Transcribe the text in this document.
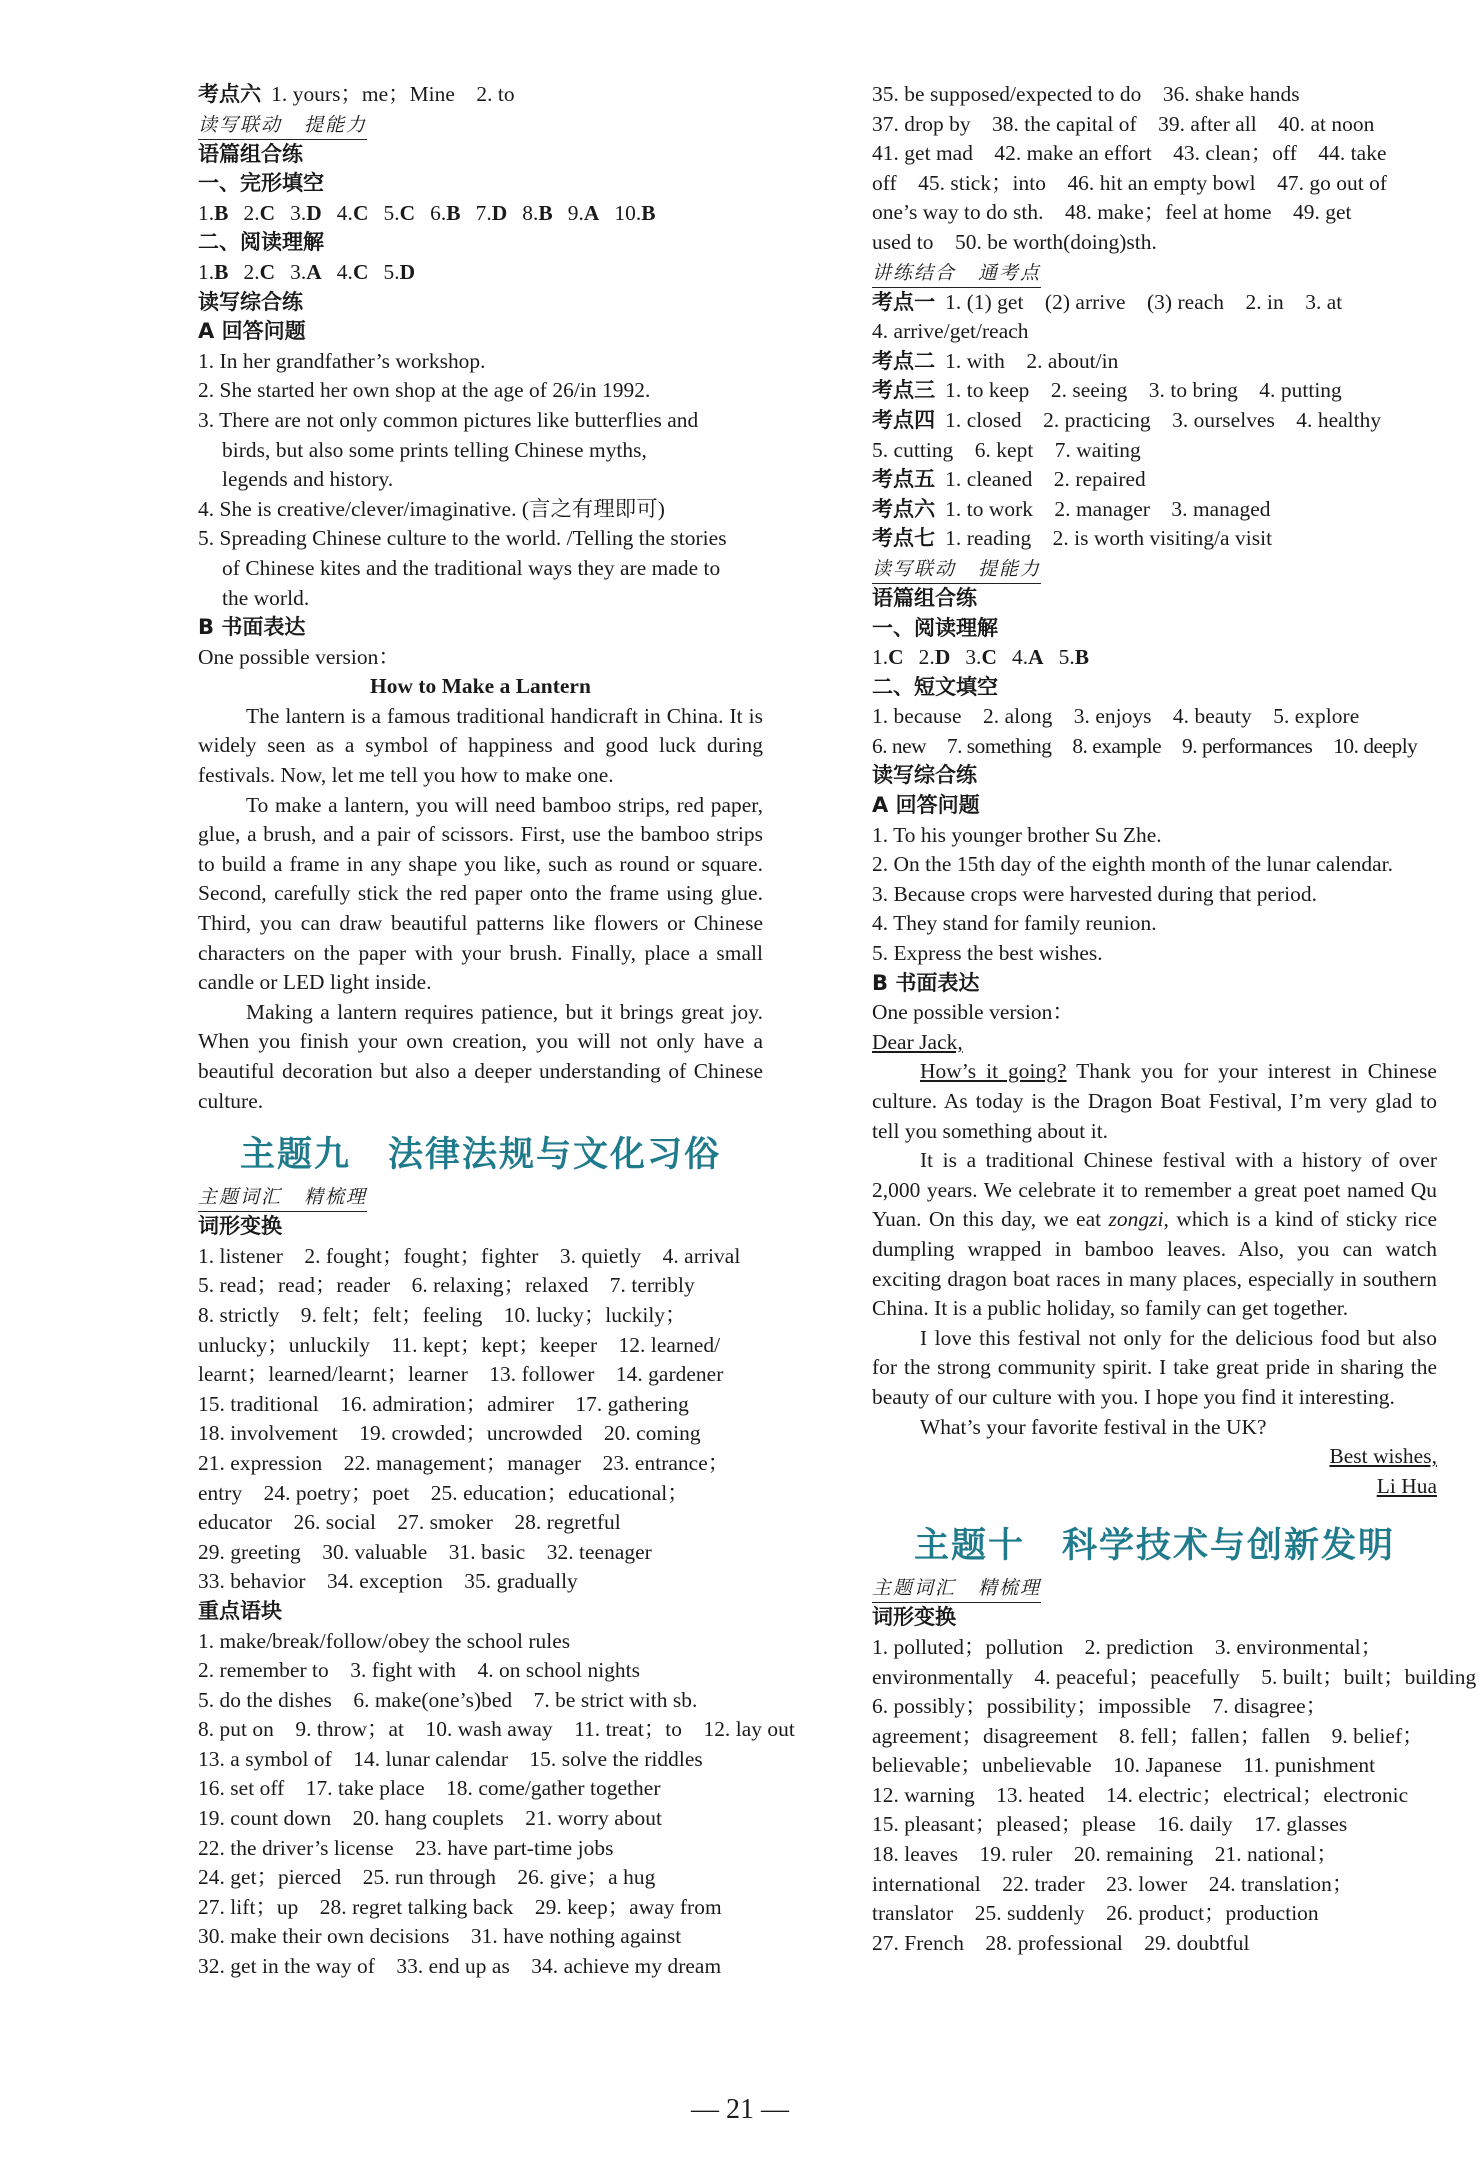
考点六 1. yours；me；Mine　2. to
读写联动 提能力
语篇组合练
一、完形填空
1.B 2.C 3.D 4.C 5.C 6.B 7.D 8.B 9.A 10.B
二、阅读理解
1.B 2.C 3.A 4.C 5.D
读写综合练
A 回答问题
1. In her grandfather’s workshop.
2. She started her own shop at the age of 26/in 1992.
3. There are not only common pictures like butterflies and
birds, but also some prints telling Chinese myths,
legends and history.
4. She is creative/clever/imaginative. (言之有理即可)
5. Spreading Chinese culture to the world. /Telling the stories
of Chinese kites and the traditional ways they are made to
the world.
B 书面表达
One possible version：
How to Make a Lantern
The lantern is a famous traditional handicraft in China. It is widely seen as a symbol of happiness and good luck during festivals. Now, let me tell you how to make one.
To make a lantern, you will need bamboo strips, red paper, glue, a brush, and a pair of scissors. First, use the bamboo strips to build a frame in any shape you like, such as round or square. Second, carefully stick the red paper onto the frame using glue. Third, you can draw beautiful patterns like flowers or Chinese characters on the paper with your brush. Finally, place a small candle or LED light inside.
Making a lantern requires patience, but it brings great joy. When you finish your own creation, you will not only have a beautiful decoration but also a deeper understanding of Chinese culture.
主题九　法律法规与文化习俗
主题词汇 精梳理
词形变换
1. listener　2. fought；fought；fighter　3. quietly　4. arrival
5. read；read；reader　6. relaxing；relaxed　7. terribly
8. strictly　9. felt；felt；feeling　10. lucky；luckily；
unlucky；unluckily　11. kept；kept；keeper　12. learned/
learnt；learned/learnt；learner　13. follower　14. gardener
15. traditional　16. admiration；admirer　17. gathering
18. involvement　19. crowded；uncrowded　20. coming
21. expression　22. management；manager　23. entrance；
entry　24. poetry；poet　25. education；educational；
educator　26. social　27. smoker　28. regretful
29. greeting　30. valuable　31. basic　32. teenager
33. behavior　34. exception　35. gradually
重点语块
1. make/break/follow/obey the school rules
2. remember to　3. fight with　4. on school nights
5. do the dishes　6. make(one’s)bed　7. be strict with sb.
8. put on　9. throw；at　10. wash away　11. treat；to　12. lay out
13. a symbol of　14. lunar calendar　15. solve the riddles
16. set off　17. take place　18. come/gather together
19. count down　20. hang couplets　21. worry about
22. the driver’s license　23. have part-time jobs
24. get；pierced　25. run through　26. give；a hug
27. lift；up　28. regret talking back　29. keep；away from
30. make their own decisions　31. have nothing against
32. get in the way of　33. end up as　34. achieve my dream
35. be supposed/expected to do　36. shake hands
37. drop by　38. the capital of　39. after all　40. at noon
41. get mad　42. make an effort　43. clean；off　44. take
off　45. stick；into　46. hit an empty bowl　47. go out of
one’s way to do sth.　48. make；feel at home　49. get
used to　50. be worth(doing)sth.
讲练结合 通考点
考点一 1. (1) get　(2) arrive　(3) reach　2. in　3. at
4. arrive/get/reach
考点二 1. with　2. about/in
考点三 1. to keep　2. seeing　3. to bring　4. putting
考点四 1. closed　2. practicing　3. ourselves　4. healthy
5. cutting　6. kept　7. waiting
考点五 1. cleaned　2. repaired
考点六 1. to work　2. manager　3. managed
考点七 1. reading　2. is worth visiting/a visit
读写联动 提能力
语篇组合练
一、阅读理解
1.C 2.D 3.C 4.A 5.B
二、短文填空
1. because　2. along　3. enjoys　4. beauty　5. explore
6. new　7. something　8. example　9. performances　10. deeply
读写综合练
A 回答问题
1. To his younger brother Su Zhe.
2. On the 15th day of the eighth month of the lunar calendar.
3. Because crops were harvested during that period.
4. They stand for family reunion.
5. Express the best wishes.
B 书面表达
One possible version：
Dear Jack,
How’s it going? Thank you for your interest in Chinese culture. As today is the Dragon Boat Festival, I’m very glad to tell you something about it.
It is a traditional Chinese festival with a history of over 2,000 years. We celebrate it to remember a great poet named Qu Yuan. On this day, we eat zongzi, which is a kind of sticky rice dumpling wrapped in bamboo leaves. Also, you can watch exciting dragon boat races in many places, especially in southern China. It is a public holiday, so family can get together.
I love this festival not only for the delicious food but also for the strong community spirit. I take great pride in sharing the beauty of our culture with you. I hope you find it interesting.
What’s your favorite festival in the UK?
Best wishes,
Li Hua
主题十　科学技术与创新发明
主题词汇 精梳理
词形变换
1. polluted；pollution　2. prediction　3. environmental；
environmentally　4. peaceful；peacefully　5. built；built；building
6. possibly；possibility；impossible　7. disagree；
agreement；disagreement　8. fell；fallen；fallen　9. belief；
believable；unbelievable　10. Japanese　11. punishment
12. warning　13. heated　14. electric；electrical；electronic
15. pleasant；pleased；please　16. daily　17. glasses
18. leaves　19. ruler　20. remaining　21. national；
international　22. trader　23. lower　24. translation；
translator　25. suddenly　26. product；production
27. French　28. professional　29. doubtful
— 21 —
